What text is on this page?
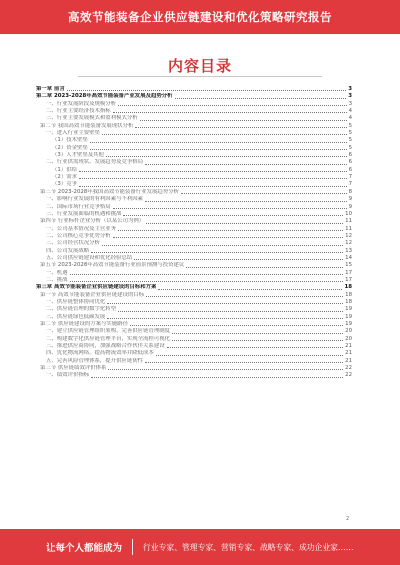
高效节能装备企业供应链建设和优化策略研究报告
内容目录
第一章 前言	3
第二章 2023-2028年高效节能装备产业发展及趋势分析	3
一、行业发展阶段及规模分析	3
二、行业主要经济技术指标	4
三、行业主要发展模式和盈利模式分析	4
第二节 我国高效节能装备发展现状分析	5
一、进入行业主要壁垒	5
（1）技术壁垒	5
（2）资金壁垒	5
（3）人才壁垒及其他	6
二、行业供需现状、发展趋势及竞争格局	6
（1）供给	6
（2）需求	7
（3）竞争	7
第三节 2023-2028年我国高效节能装备行业发展趋势分析	8
一、影响行业发展的有利因素与不利因素	9
二、国际市场行业竞争格局	9
三、行业发展面临的机遇和挑战	10
第四节 行业标杆企业分析（以某公司为例）	11
一、公司基本情况及主营业务	11
二、公司核心竞争优势分析	12
三、公司经营状况分析	12
四、公司发展战略	13
五、公司供应链建设和优化经验总结	14
第五节 2023-2028年高效节能装备行业前景预测与投资建议	15
一、机遇	17
二、挑战	17
第三章 高效节能装备企业供应链建设的目标和方案	18
第一节 高效节能装备企业供应链建设的目标	18
一、供应链整体协同优化	18
二、供应链管理的数字化转型	19
三、供应链绿色低碳发展	19
第二节 供应链建设的方案与实施路径	19
一、建立供应链管理组织架构，完善供应链管理制度	20
二、构建数字化供应链管理平台，实现全流程可视化	20
三、推进供应商协同，加强战略合作伙伴关系建设	21
四、优化物流网络，提高物流效率并降低成本	21
五、完善风险管理体系，提升供应链韧性	21
第三节 供应链绩效评价体系	22
一、绩效评价指标	22
2
让每个人都能成为	行业专家、管理专家、营销专家、战略专家、成功企业家……
